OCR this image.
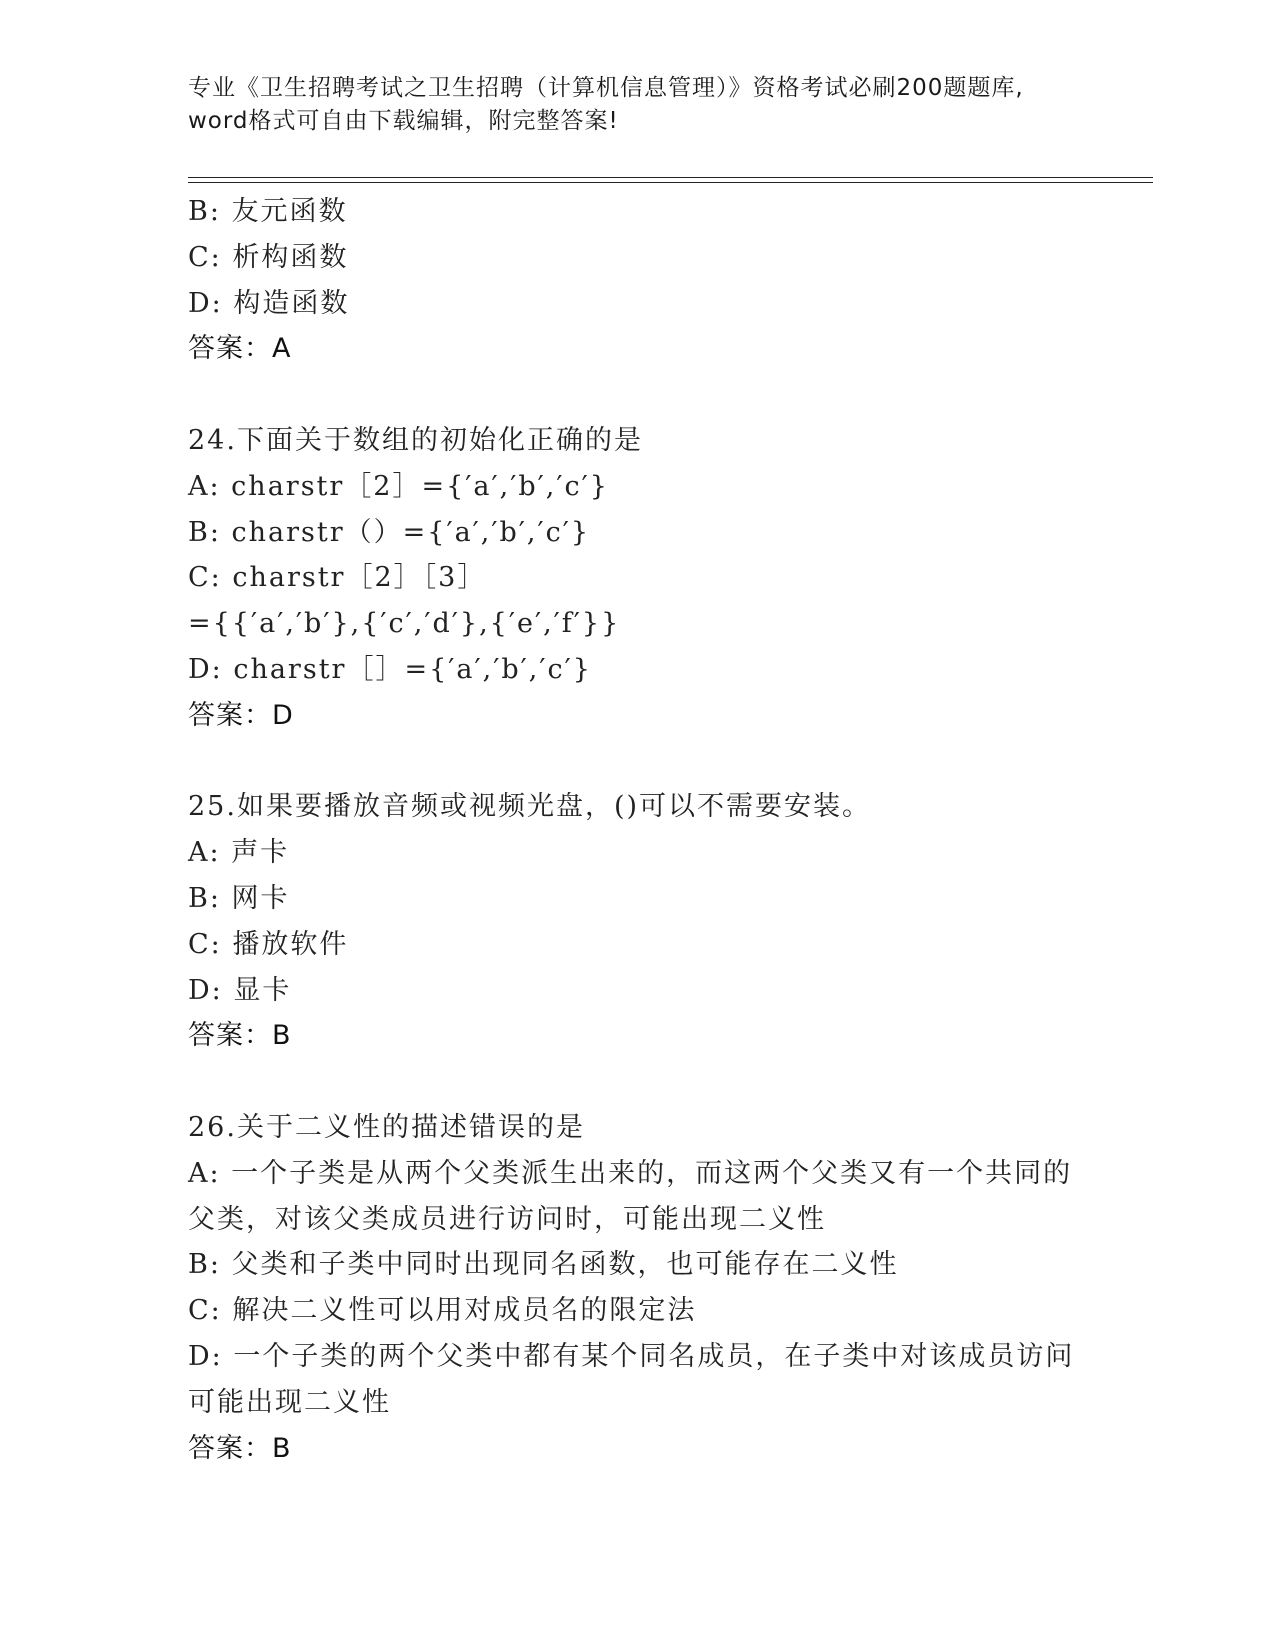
专业《卫生招聘考试之卫生招聘（计算机信息管理）》资格考试必刷200题题库,
word格式可自由下载编辑，附完整答案!
B: 友元函数
C: 析构函数
D: 构造函数
答案：A
24.下面关于数组的初始化正确的是
A: charstr［2］={′a′,′b′,′c′}
B: charstr（）={′a′,′b′,′c′}
C: charstr［2］［3］
={{′a′,′b′},{′c′,′d′},{′e′,′f′}}
D: charstr［］={′a′,′b′,′c′}
答案：D
25.如果要播放音频或视频光盘，()可以不需要安装。
A: 声卡
B: 网卡
C: 播放软件
D: 显卡
答案：B
26.关于二义性的描述错误的是
A: 一个子类是从两个父类派生出来的，而这两个父类又有一个共同的
父类，对该父类成员进行访问时，可能出现二义性
B: 父类和子类中同时出现同名函数，也可能存在二义性
C: 解决二义性可以用对成员名的限定法
D: 一个子类的两个父类中都有某个同名成员，在子类中对该成员访问
可能出现二义性
答案：B
